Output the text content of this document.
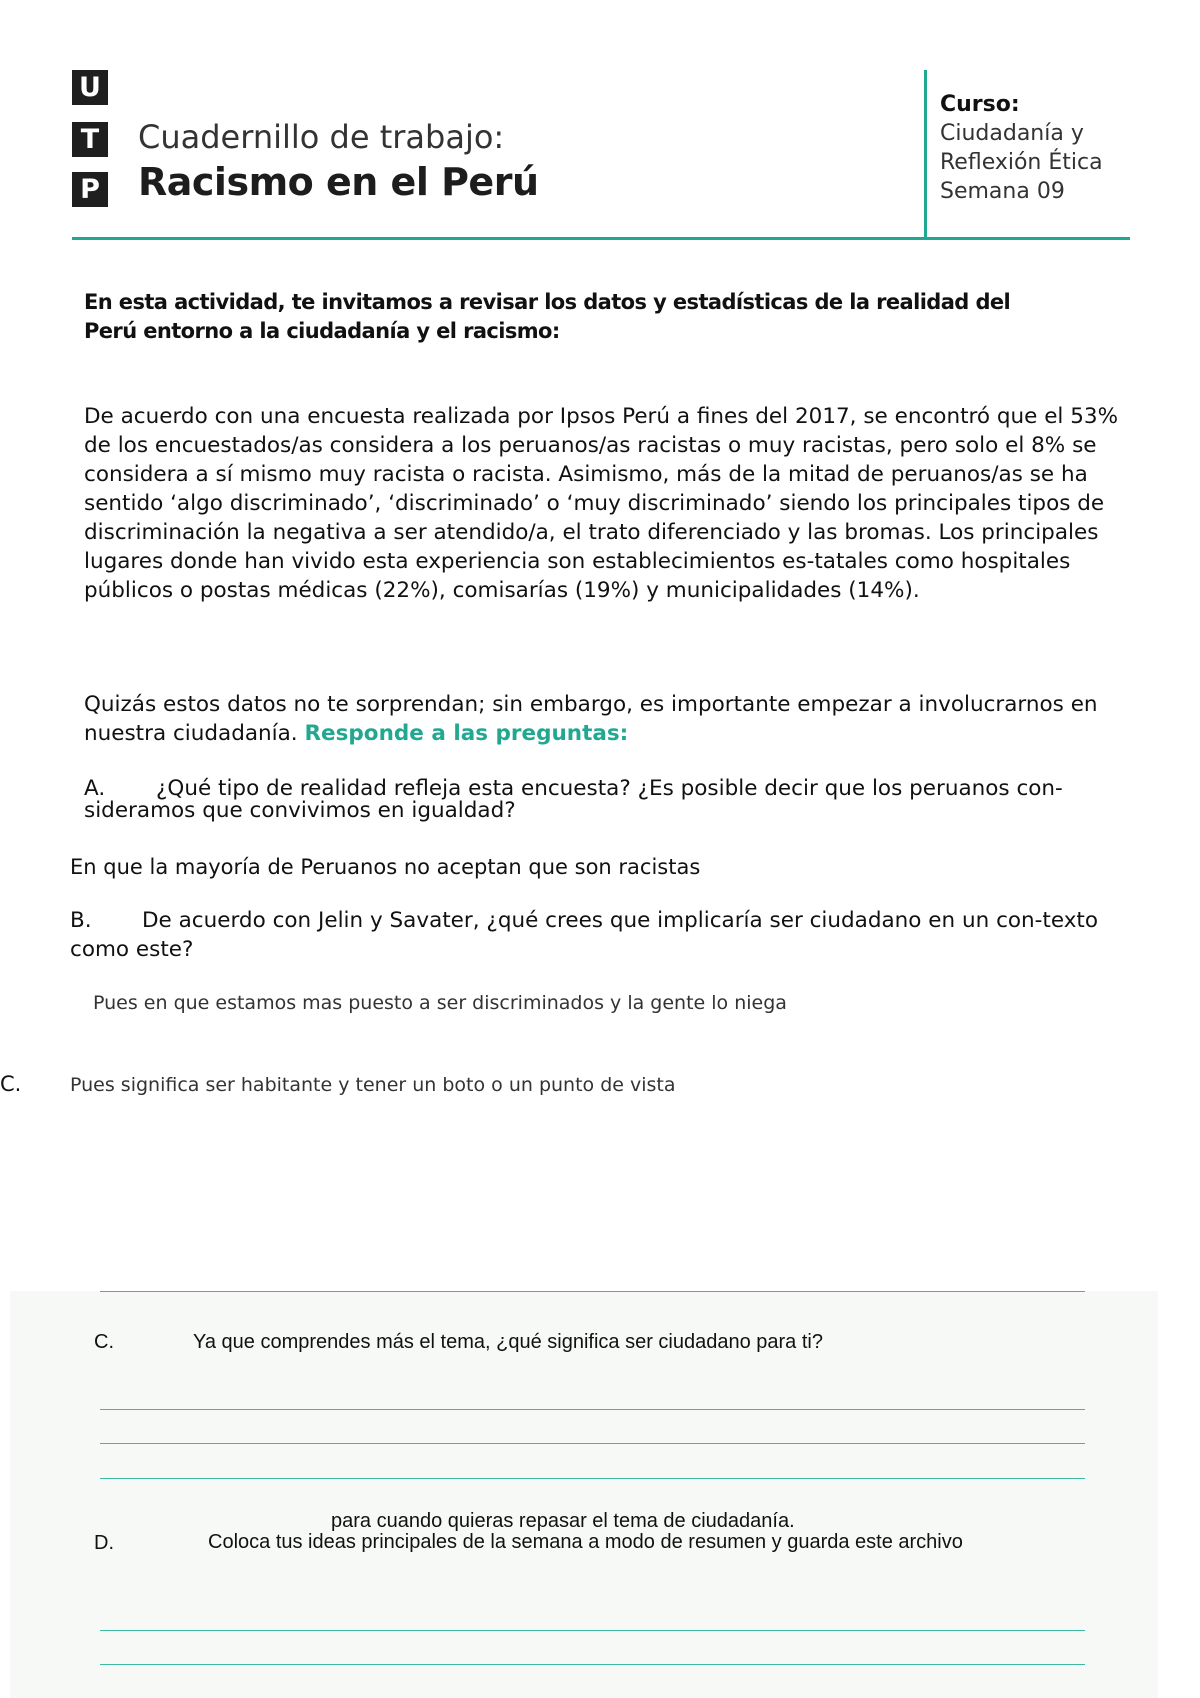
U
T
P
Cuadernillo de trabajo:
Racismo en el Perú
Curso:
Ciudadanía y
Reflexión Ética
Semana 09
En esta actividad, te invitamos a revisar los datos y estadísticas de la realidad del Perú entorno a la ciudadanía y el racismo:
De acuerdo con una encuesta realizada por Ipsos Perú a fines del 2017, se encontró que el 53% de los encuestados/as considera a los peruanos/as racistas o muy racistas, pero solo el 8% se considera a sí mismo muy racista o racista. Asimismo, más de la mitad de peruanos/as se ha sentido ‘algo discriminado’, ‘discriminado’ o ‘muy discriminado’ siendo los principales tipos de discriminación la negativa a ser atendido/a, el trato diferenciado y las bromas. Los principales lugares donde han vivido esta experiencia son establecimientos es-tatales como hospitales públicos o postas médicas (22%), comisarías (19%) y municipalidades (14%).
Quizás estos datos no te sorprendan; sin embargo, es importante empezar a involucrarnos en nuestra ciudadanía. Responde a las preguntas:
A. ¿Qué tipo de realidad refleja esta encuesta? ¿Es posible decir que los peruanos con-sideramos que convivimos en igualdad?
En que la mayoría de Peruanos no aceptan que son racistas
B. De acuerdo con Jelin y Savater, ¿qué crees que implicaría ser ciudadano en un con-texto como este?
Pues en que estamos mas puesto a ser discriminados y la gente lo niega
C.	Pues significa ser habitante y tener un boto o un punto de vista
C.	Ya que comprendes más el tema, ¿qué significa ser ciudadano para ti?
para cuando quieras repasar el tema de ciudadanía.
D.	Coloca tus ideas principales de la semana a modo de resumen y guarda este archivo
